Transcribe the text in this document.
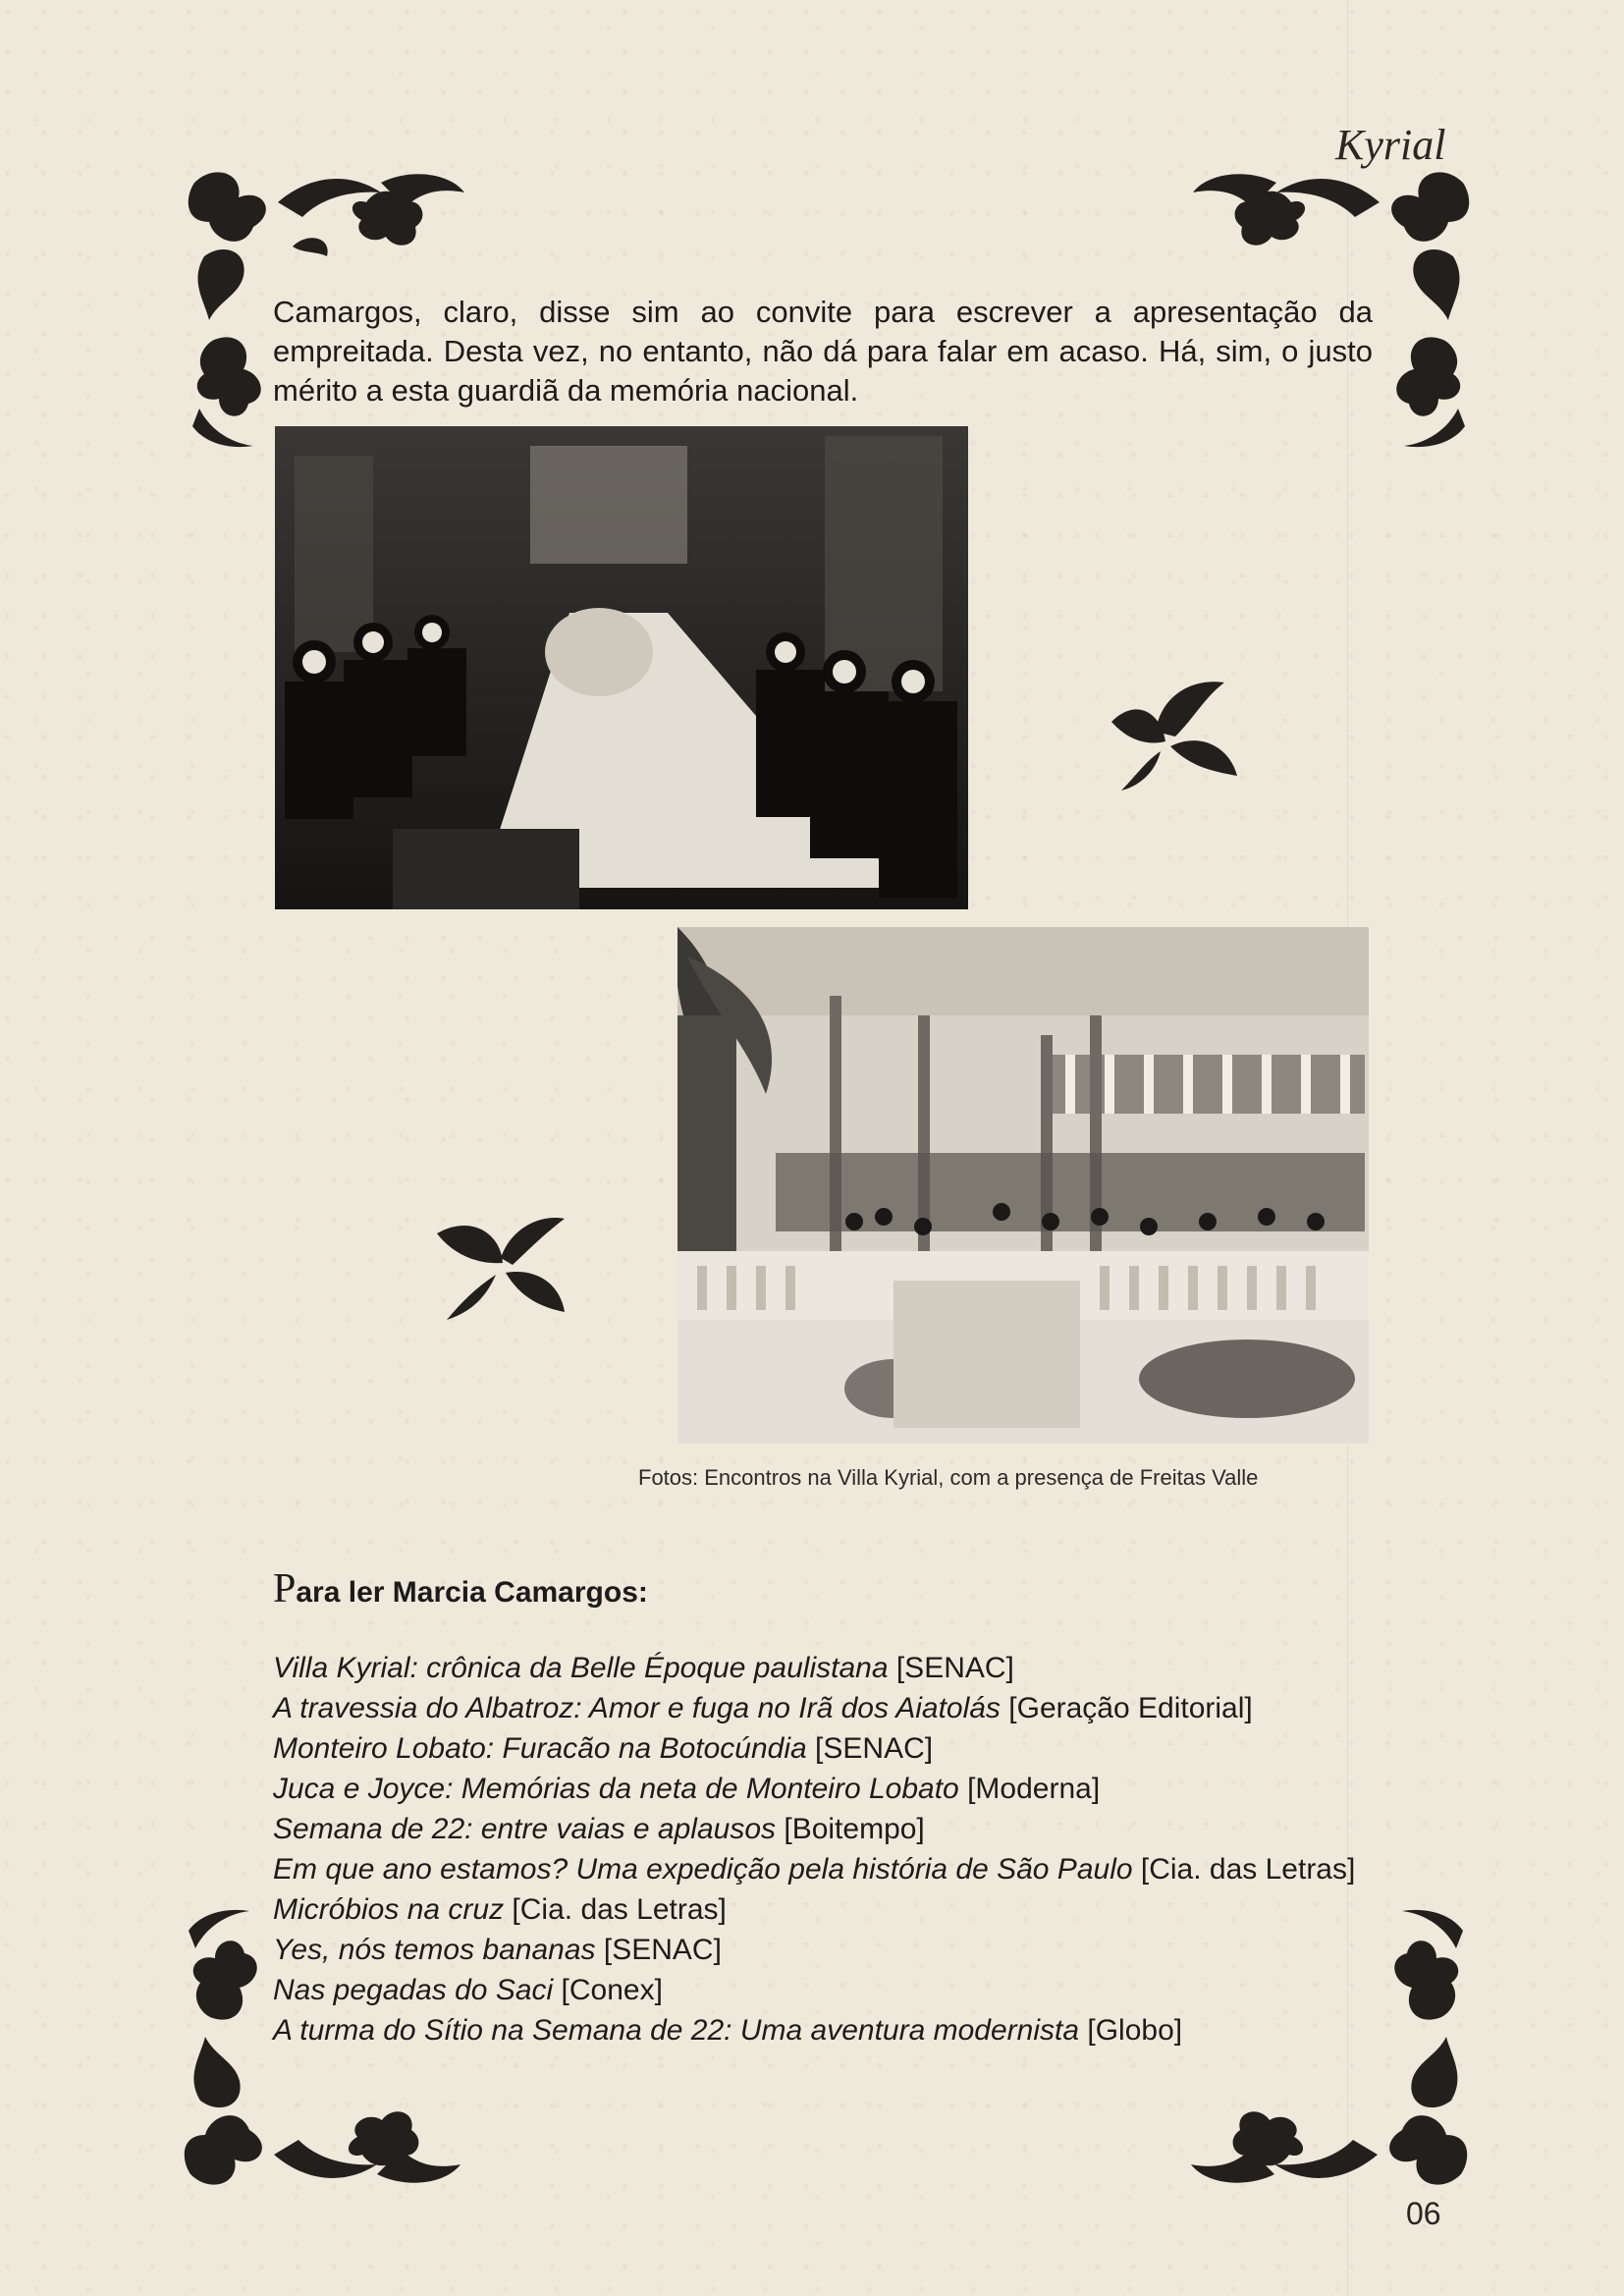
Kyrial

Camargos, claro, disse sim ao convite para escrever a apresentação da empreitada. Desta vez, no entanto, não dá para falar em acaso. Há, sim, o justo mérito a esta guardiã da memória nacional.

Fotos: Encontros na Villa Kyrial, com a presença de Freitas Valle
Para ler Marcia Camargos:
Villa Kyrial: crônica da Belle Époque paulistana [SENAC]
A travessia do Albatroz: Amor e fuga no Irã dos Aiatolás [Geração Editorial]
Monteiro Lobato: Furacão na Botocúndia [SENAC]
Juca e Joyce: Memórias da neta de Monteiro Lobato [Moderna]
Semana de 22: entre vaias e aplausos [Boitempo]
Em que ano estamos? Uma expedição pela história de São Paulo [Cia. das Letras]
Micróbios na cruz [Cia. das Letras]
Yes, nós temos bananas [SENAC]
Nas pegadas do Saci [Conex]
A turma do Sítio na Semana de 22: Uma aventura modernista [Globo]
06
